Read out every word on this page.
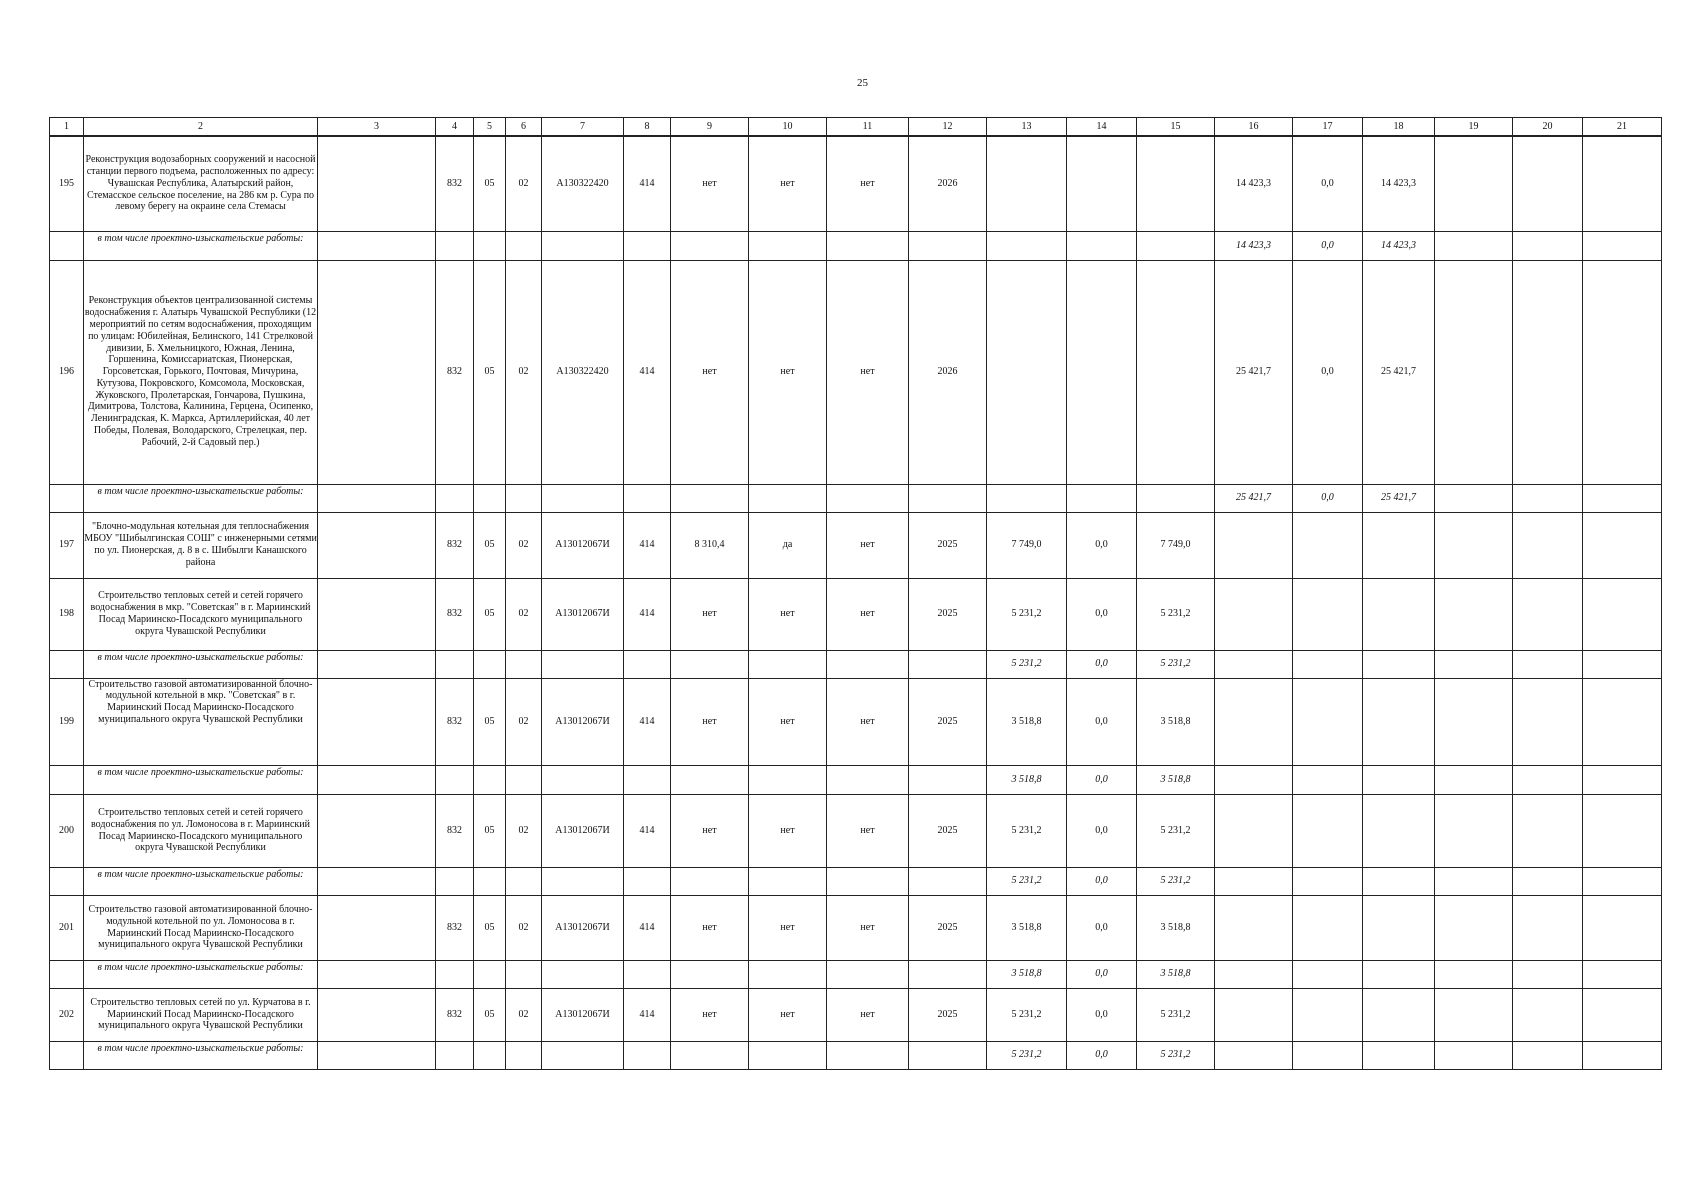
25
1	2	3	4	5	6	7	8	9	10	11	12	13	14	15	16	17	18	19	20	21
195	Реконструкция водозаборных сооружений и насосной станции первого подъема, расположенных по адресу: Чувашская Республика, Алатырский район, Стемасское сельское поселение, на 286 км р. Сура по левому берегу на окраине села Стемасы		832	05	02	А130322420	414	нет	нет	нет	2026				14 423,3	0,0	14 423,3			
	в том числе проектно-изыскательские работы:														14 423,3	0,0	14 423,3			
196	Реконструкция объектов централизованной системы водоснабжения г. Алатырь Чувашской Республики (12 мероприятий по сетям водоснабжения, проходящим по улицам: Юбилейная, Белинского, 141 Стрелковой дивизии, Б. Хмельницкого, Южная, Ленина, Горшенина, Комиссариатская, Пионерская, Горсоветская, Горького, Почтовая, Мичурина, Кутузова, Покровского, Комсомола, Московская, Жуковского, Пролетарская, Гончарова, Пушкина, Димитрова, Толстова, Калинина, Герцена, Осипенко, Ленинградская, К. Маркса, Артиллерийская, 40 лет Победы, Полевая, Володарского, Стрелецкая, пер. Рабочий, 2-й Садовый пер.)		832	05	02	А130322420	414	нет	нет	нет	2026				25 421,7	0,0	25 421,7			
	в том числе проектно-изыскательские работы:														25 421,7	0,0	25 421,7			
197	"Блочно-модульная котельная для теплоснабжения МБОУ "Шибылгинская СОШ" с инженерными сетями по ул. Пионерская, д. 8 в с. Шибылги Канашского района		832	05	02	А13012067И	414	8 310,4	да	нет	2025	7 749,0	0,0	7 749,0						
198	Строительство тепловых сетей и сетей горячего водоснабжения в мкр. "Советская" в г. Мариинский Посад Мариинско-Посадского муниципального округа Чувашской Республики		832	05	02	А13012067И	414	нет	нет	нет	2025	5 231,2	0,0	5 231,2						
	в том числе проектно-изыскательские работы:											5 231,2	0,0	5 231,2						
199	Строительство газовой автоматизированной блочно-модульной котельной в мкр. "Советская" в г. Мариинский Посад Мариинско-Посадского муниципального округа Чувашской Республики		832	05	02	А13012067И	414	нет	нет	нет	2025	3 518,8	0,0	3 518,8						
	в том числе проектно-изыскательские работы:											3 518,8	0,0	3 518,8						
200	Строительство тепловых сетей и сетей горячего водоснабжения по ул. Ломоносова в г. Мариинский Посад Мариинско-Посадского муниципального округа Чувашской Республики		832	05	02	А13012067И	414	нет	нет	нет	2025	5 231,2	0,0	5 231,2						
	в том числе проектно-изыскательские работы:											5 231,2	0,0	5 231,2						
201	Строительство газовой автоматизированной блочно-модульной котельной по ул. Ломоносова в г. Мариинский Посад Мариинско-Посадского муниципального округа Чувашской Республики		832	05	02	А13012067И	414	нет	нет	нет	2025	3 518,8	0,0	3 518,8						
	в том числе проектно-изыскательские работы:											3 518,8	0,0	3 518,8						
202	Строительство тепловых сетей по ул. Курчатова в г. Мариинский Посад Мариинско-Посадского муниципального округа Чувашской Республики		832	05	02	А13012067И	414	нет	нет	нет	2025	5 231,2	0,0	5 231,2						
	в том числе проектно-изыскательские работы:											5 231,2	0,0	5 231,2						
